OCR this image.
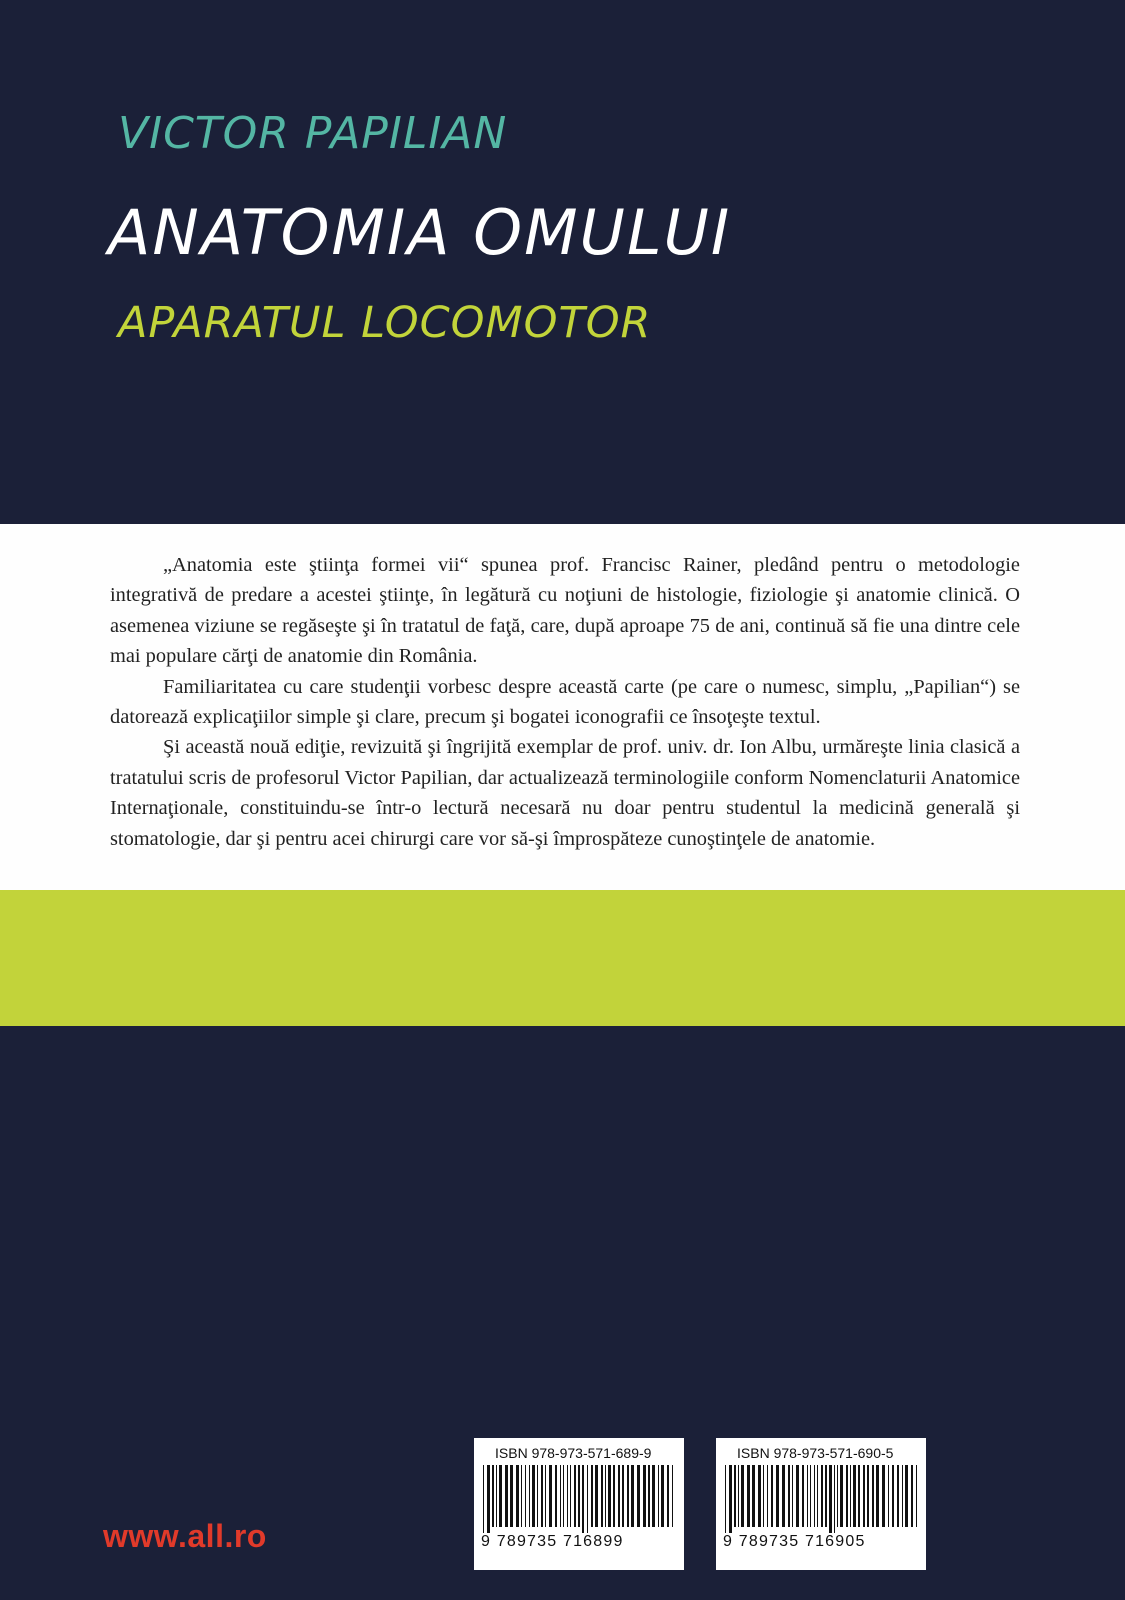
VICTOR PAPILIAN
ANATOMIA OMULUI
APARATUL LOCOMOTOR

„Anatomia este ştiinţa formei vii“ spunea prof. Francisc Rainer, pledând pentru o metodologie integrativă de predare a acestei ştiinţe, în legătură cu noţiuni de histologie, fiziologie şi anatomie clinică. O asemenea viziune se regăseşte şi în tratatul de faţă, care, după aproape 75 de ani, continuă să fie una dintre cele mai populare cărţi de anatomie din România.

Familiaritatea cu care studenţii vorbesc despre această carte (pe care o numesc, simplu, „Papilian“) se datorează explicaţiilor simple şi clare, precum şi bogatei iconografii ce însoţeşte textul.

Şi această nouă ediţie, revizuită şi îngrijită exemplar de prof. univ. dr. Ion Albu, urmăreşte linia clasică a tratatului scris de profesorul Victor Papilian, dar actualizează terminologiile conform Nomenclaturii Anatomice Internaţionale, constituindu-se într-o lectură necesară nu doar pentru studentul la medicină generală şi stomatologie, dar şi pentru acei chirurgi care vor să-şi împrospăteze cunoştinţele de anatomie.

www.all.ro
ISBN 978-973-571-689-9
9 789735 716899
ISBN 978-973-571-690-5
9 789735 716905
